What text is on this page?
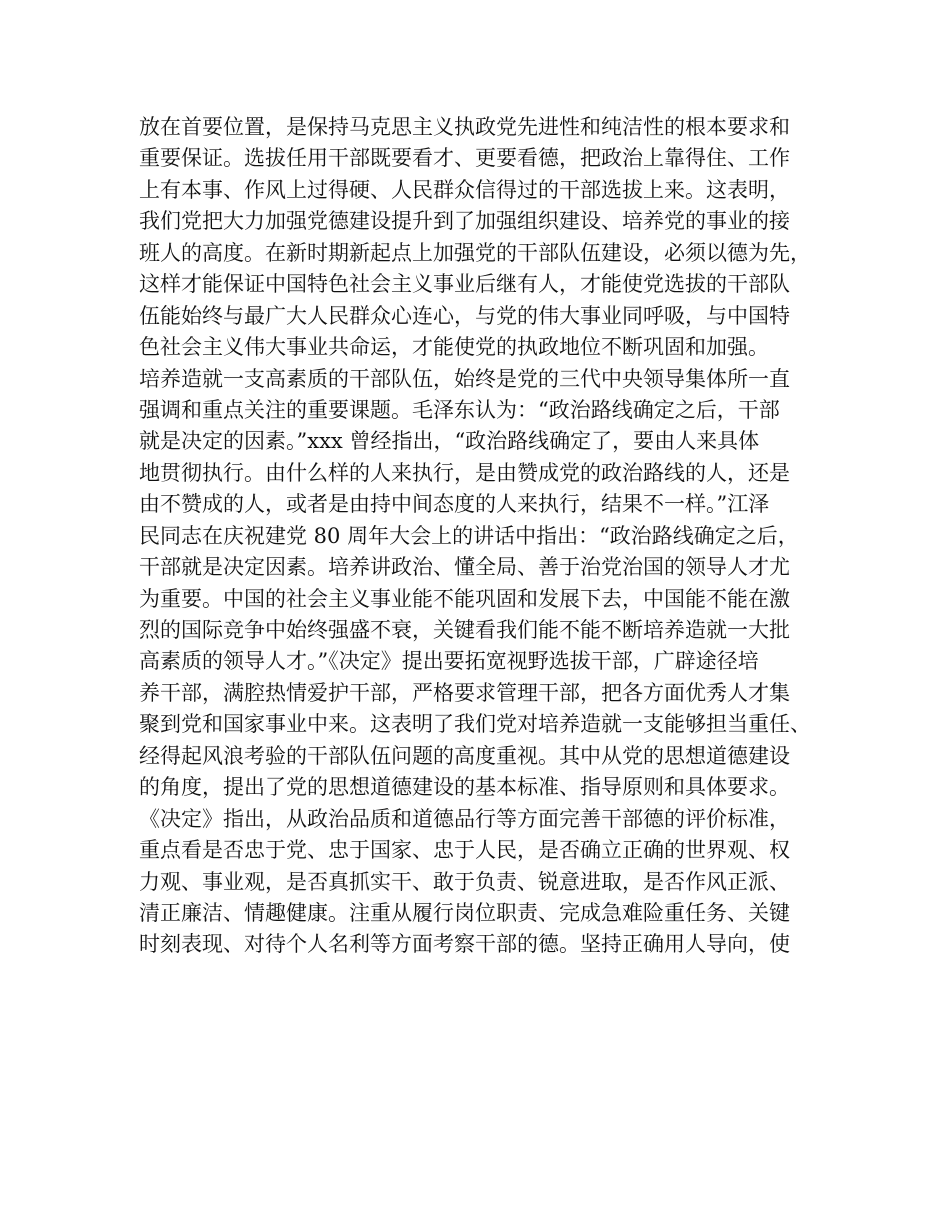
放在首要位置，是保持马克思主义执政党先进性和纯洁性的根本要求和
重要保证。选拔任用干部既要看才、更要看德，把政治上靠得住、工作
上有本事、作风上过得硬、人民群众信得过的干部选拔上来。这表明，
我们党把大力加强党德建设提升到了加强组织建设、培养党的事业的接
班人的高度。在新时期新起点上加强党的干部队伍建设，必须以德为先，
这样才能保证中国特色社会主义事业后继有人，才能使党选拔的干部队
伍能始终与最广大人民群众心连心，与党的伟大事业同呼吸，与中国特
色社会主义伟大事业共命运，才能使党的执政地位不断巩固和加强。
培养造就一支高素质的干部队伍，始终是党的三代中央领导集体所一直
强调和重点关注的重要课题。毛泽东认为：“政治路线确定之后，干部
就是决定的因素。”xxx 曾经指出，“政治路线确定了，要由人来具体
地贯彻执行。由什么样的人来执行，是由赞成党的政治路线的人，还是
由不赞成的人，或者是由持中间态度的人来执行，结果不一样。”江泽
民同志在庆祝建党 80 周年大会上的讲话中指出：“政治路线确定之后，
干部就是决定因素。培养讲政治、懂全局、善于治党治国的领导人才尤
为重要。中国的社会主义事业能不能巩固和发展下去，中国能不能在激
烈的国际竞争中始终强盛不衰，关键看我们能不能不断培养造就一大批
高素质的领导人才。”《决定》提出要拓宽视野选拔干部，广辟途径培
养干部，满腔热情爱护干部，严格要求管理干部，把各方面优秀人才集
聚到党和国家事业中来。这表明了我们党对培养造就一支能够担当重任、
经得起风浪考验的干部队伍问题的高度重视。其中从党的思想道德建设
的角度，提出了党的思想道德建设的基本标准、指导原则和具体要求。
《决定》指出，从政治品质和道德品行等方面完善干部德的评价标准，
重点看是否忠于党、忠于国家、忠于人民，是否确立正确的世界观、权
力观、事业观，是否真抓实干、敢于负责、锐意进取，是否作风正派、
清正廉洁、情趣健康。注重从履行岗位职责、完成急难险重任务、关键
时刻表现、对待个人名利等方面考察干部的德。坚持正确用人导向，使
